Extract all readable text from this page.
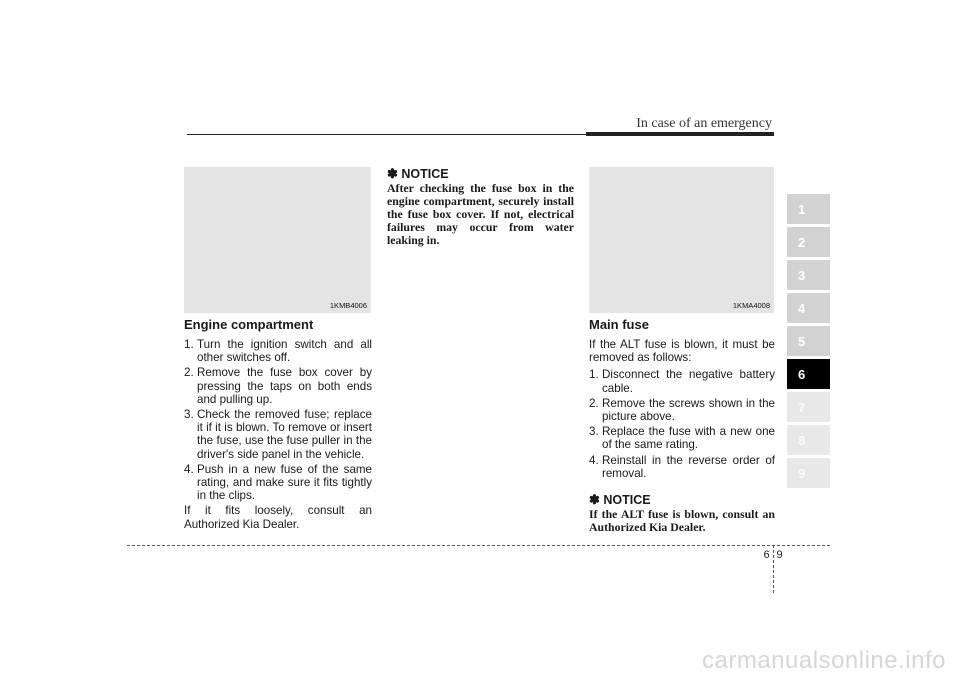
In case of an emergency
1KMB4006	1KMA4008
Engine compartment
1. Turn the ignition switch and all other switches off.
2. Remove the fuse box cover by pressing the taps on both ends and pulling up.
3. Check the removed fuse; replace it if it is blown. To remove or insert the fuse, use the fuse puller in the driver's side panel in the vehicle.
4. Push in a new fuse of the same rating, and make sure it fits tightly in the clips.

If it fits loosely, consult an Authorized Kia Dealer.

✽ NOTICE

After checking the fuse box in the engine compartment, securely install the fuse box cover. If not, electrical failures may occur from water leaking in.

Main fuse

If the ALT fuse is blown, it must be removed as follows:

1. Disconnect the negative battery cable.
2. Remove the screws shown in the picture above.
3. Replace the fuse with a new one of the same rating.
4. Reinstall in the reverse order of removal.

✽ NOTICE

If the ALT fuse is blown, consult an Authorized Kia Dealer.

1
2
3
4
5
6
7
8
9
6 9
carmanualsonline.info
